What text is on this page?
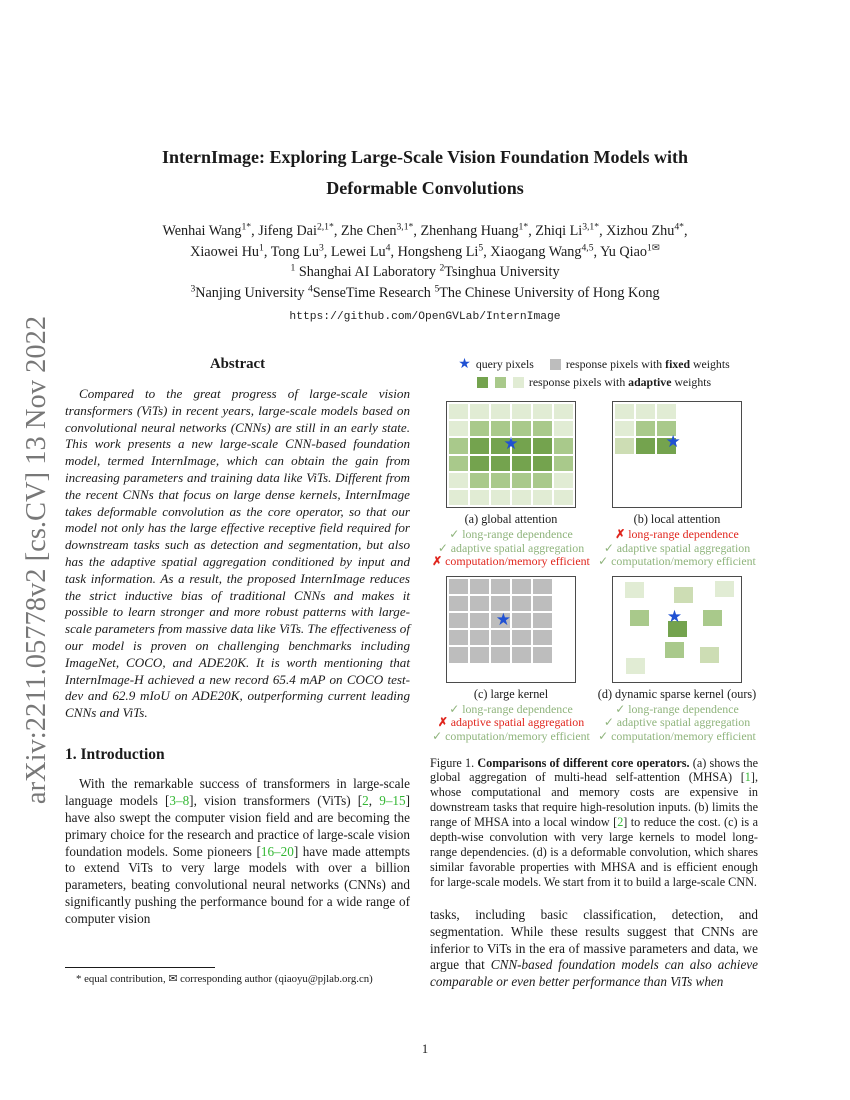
arXiv:2211.05778v2 [cs.CV] 13 Nov 2022
InternImage: Exploring Large-Scale Vision Foundation Models with
Deformable Convolutions
Wenhai Wang$^{1*}$, Jifeng Dai$^{2,1*}$, Zhe Chen$^{3,1*}$, Zhenhang Huang$^{1*}$, Zhiqi $Li^{3,1*}$, Xizhou Zhu$^{4*}$,
Xiaowei Hu$^1$, Tong Lu$^3$, Lewei Lu$^4$, Hongsheng Li$^5$, Xiaogang Wang$^{4,5}$, Yu Qiao$^{1✉}$
$^1$ Shanghai AI Laboratory $^2$Tsinghua University
$^3$Nanjing University $^4$SenseTime Research $^5$The Chinese University of Hong Kong
https://github.com/OpenGVLab/InternImage
Abstract

Compared to the great progress of large-scale vision transformers (ViTs) in recent years, large-scale models based on convolutional neural networks (CNNs) are still in an early state. This work presents a new large-scale CNN-based foundation model, termed InternImage, which can obtain the gain from increasing parameters and training data like ViTs. Different from the recent CNNs that focus on large dense kernels, InternImage takes deformable convolution as the core operator, so that our model not only has the large effective receptive field required for downstream tasks such as detection and segmentation, but also has the adaptive spatial aggregation conditioned by input and task information. As a result, the proposed InternImage reduces the strict inductive bias of traditional CNNs and makes it possible to learn stronger and more robust patterns with large-scale parameters from massive data like ViTs. The effectiveness of our model is proven on challenging benchmarks including ImageNet, COCO, and ADE20K. It is worth mentioning that InternImage-H achieved a new record 65.4 mAP on COCO test-dev and 62.9 mIoU on ADE20K, outperforming current leading CNNs and ViTs.

1. Introduction

With the remarkable success of transformers in large-scale language models [3–8], vision transformers (ViTs) [2, 9–15] have also swept the computer vision field and are becoming the primary choice for the research and practice of large-scale vision foundation models. Some pioneers [16–20] have made attempts to extend ViTs to very large models with over a billion parameters, beating convolutional neural networks (CNNs) and significantly pushing the performance bound for a wide range of computer vision

* equal contribution, ✉ corresponding author (qiaoyu@pjlab.org.cn)
★ query pixels	response pixels with fixed weights
response pixels with adaptive weights
★
(a) global attention
✓ long-range dependence
✓ adaptive spatial aggregation
✗ computation/memory efficient
★
(b) local attention
✗ long-range dependence
✓ adaptive spatial aggregation
✓ computation/memory efficient
★
(c) large kernel
✓ long-range dependence
✗ adaptive spatial aggregation
✓ computation/memory efficient
★
(d) dynamic sparse kernel (ours)
✓ long-range dependence
✓ adaptive spatial aggregation
✓ computation/memory efficient

Figure 1. Comparisons of different core operators. (a) shows the global aggregation of multi-head self-attention (MHSA) [1], whose computational and memory costs are expensive in downstream tasks that require high-resolution inputs. (b) limits the range of MHSA into a local window [2] to reduce the cost. (c) is a depth-wise convolution with very large kernels to model long-range dependencies. (d) is a deformable convolution, which shares similar favorable properties with MHSA and is efficient enough for large-scale models. We start from it to build a large-scale CNN.

tasks, including basic classification, detection, and segmentation. While these results suggest that CNNs are inferior to ViTs in the era of massive parameters and data, we argue that CNN-based foundation models can also achieve comparable or even better performance than ViTs when

1
